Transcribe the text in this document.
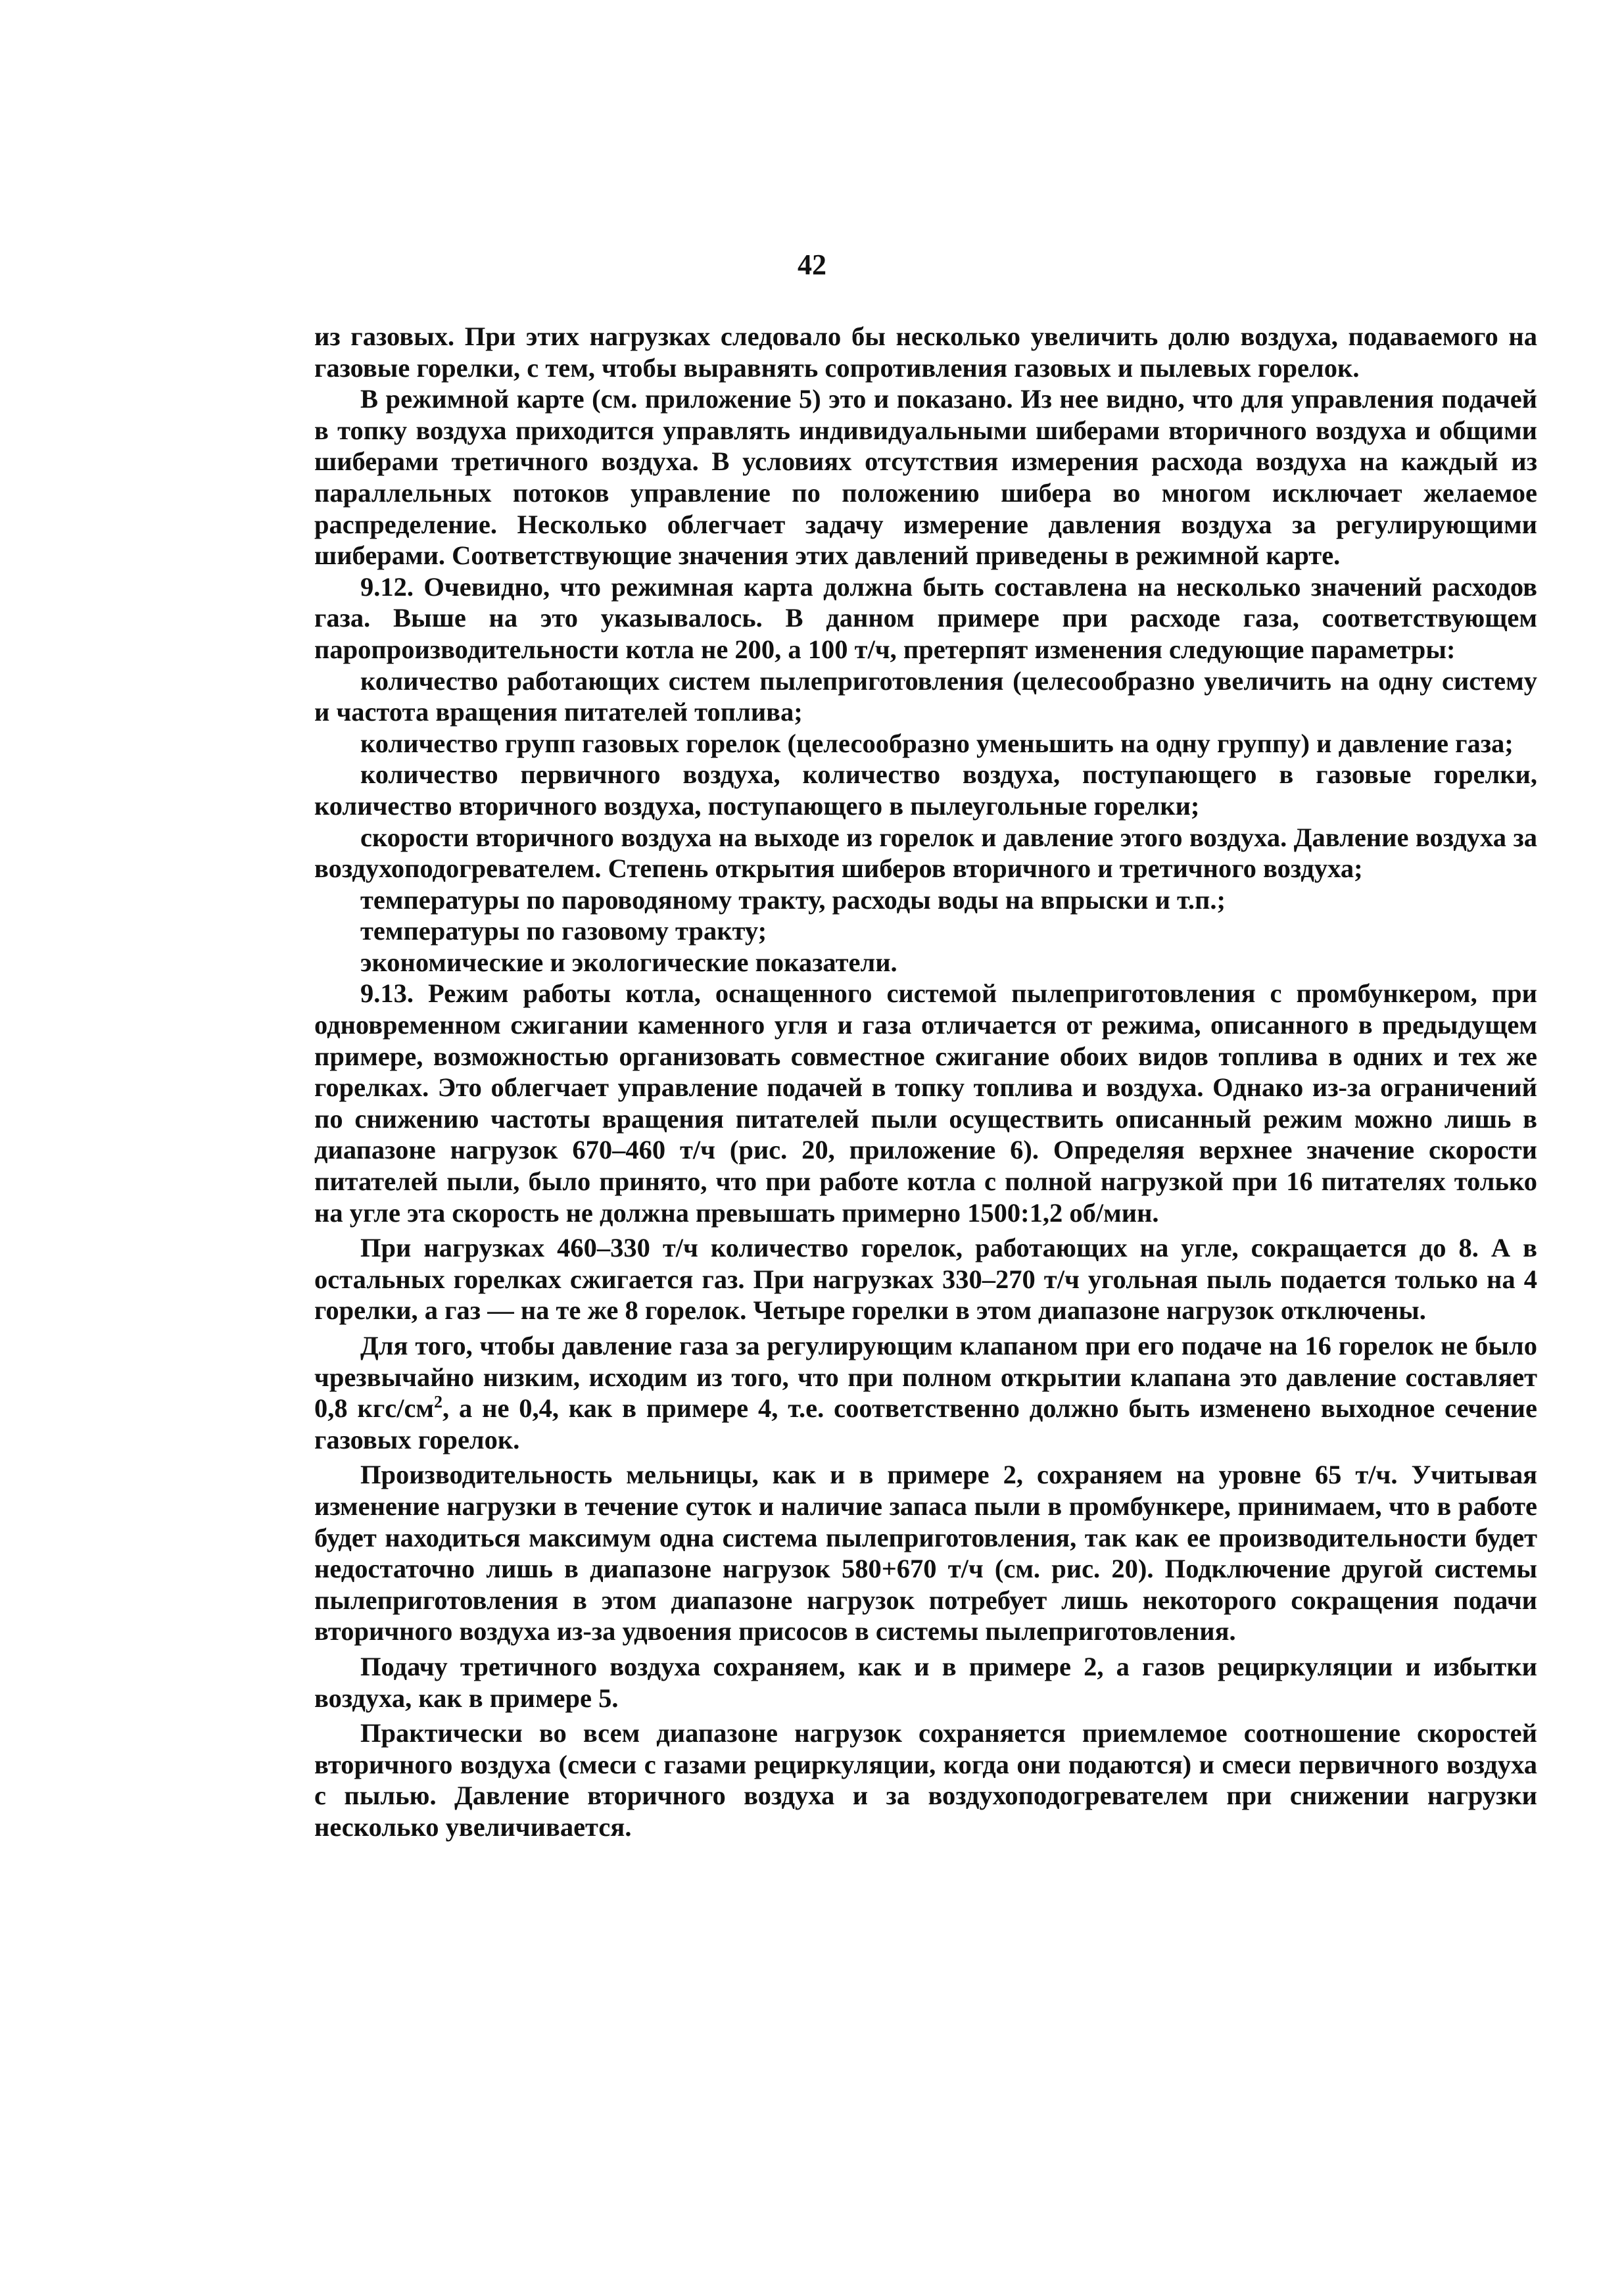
42

из газовых. При этих нагрузках следовало бы несколько увеличить долю воздуха, подаваемого на газовые горелки, с тем, чтобы выравнять сопротивления газовых и пылевых горелок.

В режимной карте (см. приложение 5) это и показано. Из нее видно, что для управления подачей в топку воздуха приходится управлять индивидуальными шиберами вторичного воздуха и общими шиберами третичного воздуха. В условиях отсутствия измерения расхода воздуха на каждый из параллельных потоков управление по положению шибера во многом исключает желаемое распределение. Несколько облегчает задачу измерение давления воздуха за регулирующими шиберами. Соответствующие значения этих давлений приведены в режимной карте.

9.12. Очевидно, что режимная карта должна быть составлена на несколько значений расходов газа. Выше на это указывалось. В данном примере при расходе газа, соответствующем паропроизводительности котла не 200, а 100 т/ч, претерпят изменения следующие параметры:

количество работающих систем пылеприготовления (целесообразно увеличить на одну систему и частота вращения питателей топлива;

количество групп газовых горелок (целесообразно уменьшить на одну группу) и давление газа;

количество первичного воздуха, количество воздуха, поступающего в газовые горелки, количество вторичного воздуха, поступающего в пылеугольные горелки;

скорости вторичного воздуха на выходе из горелок и давление этого воздуха. Давление воздуха за воздухоподогревателем. Степень открытия шиберов вторичного и третичного воздуха;

температуры по пароводяному тракту, расходы воды на впрыски и т.п.;

температуры по газовому тракту;

экономические и экологические показатели.

9.13. Режим работы котла, оснащенного системой пылеприготовления с промбункером, при одновременном сжигании каменного угля и газа отличается от режима, описанного в предыдущем примере, возможностью организовать совместное сжигание обоих видов топлива в одних и тех же горелках. Это облегчает управление подачей в топку топлива и воздуха. Однако из-за ограничений по снижению частоты вращения питателей пыли осуществить описанный режим можно лишь в диапазоне нагрузок 670–460 т/ч (рис. 20, приложение 6). Определяя верхнее значение скорости питателей пыли, было принято, что при работе котла с полной нагрузкой при 16 питателях только на угле эта скорость не должна превышать примерно 1500:1,2 об/мин.

При нагрузках 460–330 т/ч количество горелок, работающих на угле, сокращается до 8. А в остальных горелках сжигается газ. При нагрузках 330–270 т/ч угольная пыль подается только на 4 горелки, а газ — на те же 8 горелок. Четыре горелки в этом диапазоне нагрузок отключены.

Для того, чтобы давление газа за регулирующим клапаном при его подаче на 16 горелок не было чрезвычайно низким, исходим из того, что при полном открытии клапана это давление составляет 0,8 кгс/$см^2$, а не 0,4, как в примере 4, т.е. соответственно должно быть изменено выходное сечение газовых горелок.

Производительность мельницы, как и в примере 2, сохраняем на уровне 65 т/ч. Учитывая изменение нагрузки в течение суток и наличие запаса пыли в промбункере, принимаем, что в работе будет находиться максимум одна система пылеприготовления, так как ее производительности будет недостаточно лишь в диапазоне нагрузок 580+670 т/ч (см. рис. 20). Подключение другой системы пылеприготовления в этом диапазоне нагрузок потребует лишь некоторого сокращения подачи вторичного воздуха из-за удвоения присосов в системы пылеприготовления.

Подачу третичного воздуха сохраняем, как и в примере 2, а газов рециркуляции и избытки воздуха, как в примере 5.

Практически во всем диапазоне нагрузок сохраняется приемлемое соотношение скоростей вторичного воздуха (смеси с газами рециркуляции, когда они подаются) и смеси первичного воздуха с пылью. Давление вторичного воздуха и за воздухоподогревателем при снижении нагрузки несколько увеличивается.
